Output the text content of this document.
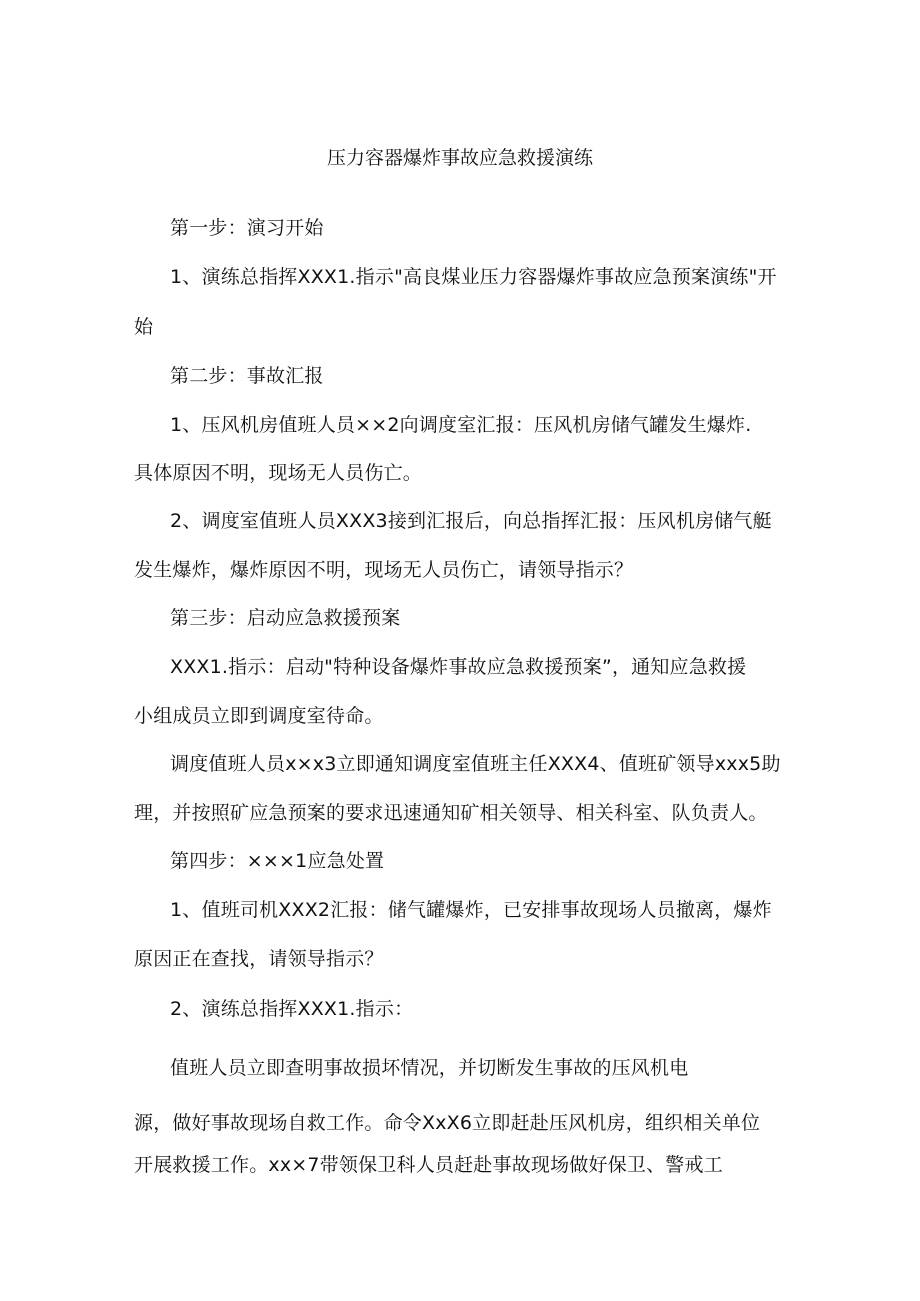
压力容器爆炸事故应急救援演练
第一步：演习开始
1、演练总指挥XXX1.指示"高良煤业压力容器爆炸事故应急预案演练"开
始
第二步：事故汇报
1、压风机房值班人员××2向调度室汇报：压风机房储气罐发生爆炸.
具体原因不明，现场无人员伤亡。
2、调度室值班人员XXX3接到汇报后，向总指挥汇报：压风机房储气艇
发生爆炸，爆炸原因不明，现场无人员伤亡，请领导指示？
第三步：启动应急救援预案
XXX1.指示：启动"特种设备爆炸事故应急救援预案”，通知应急救援
小组成员立即到调度室待命。
调度值班人员x×x3立即通知调度室值班主任XXX4、值班矿领导xxx5助
理，并按照矿应急预案的要求迅速通知矿相关领导、相关科室、队负责人。
第四步：×××1应急处置
1、值班司机XXX2汇报：储气罐爆炸，已安排事故现场人员撤离，爆炸
原因正在查找，请领导指示？
2、演练总指挥XXX1.指示：
值班人员立即查明事故损坏情况，并切断发生事故的压风机电
源，做好事故现场自救工作。命令XxX6立即赶赴压风机房，组织相关单位
开展救援工作。xx×7带领保卫科人员赶赴事故现场做好保卫、警戒工
